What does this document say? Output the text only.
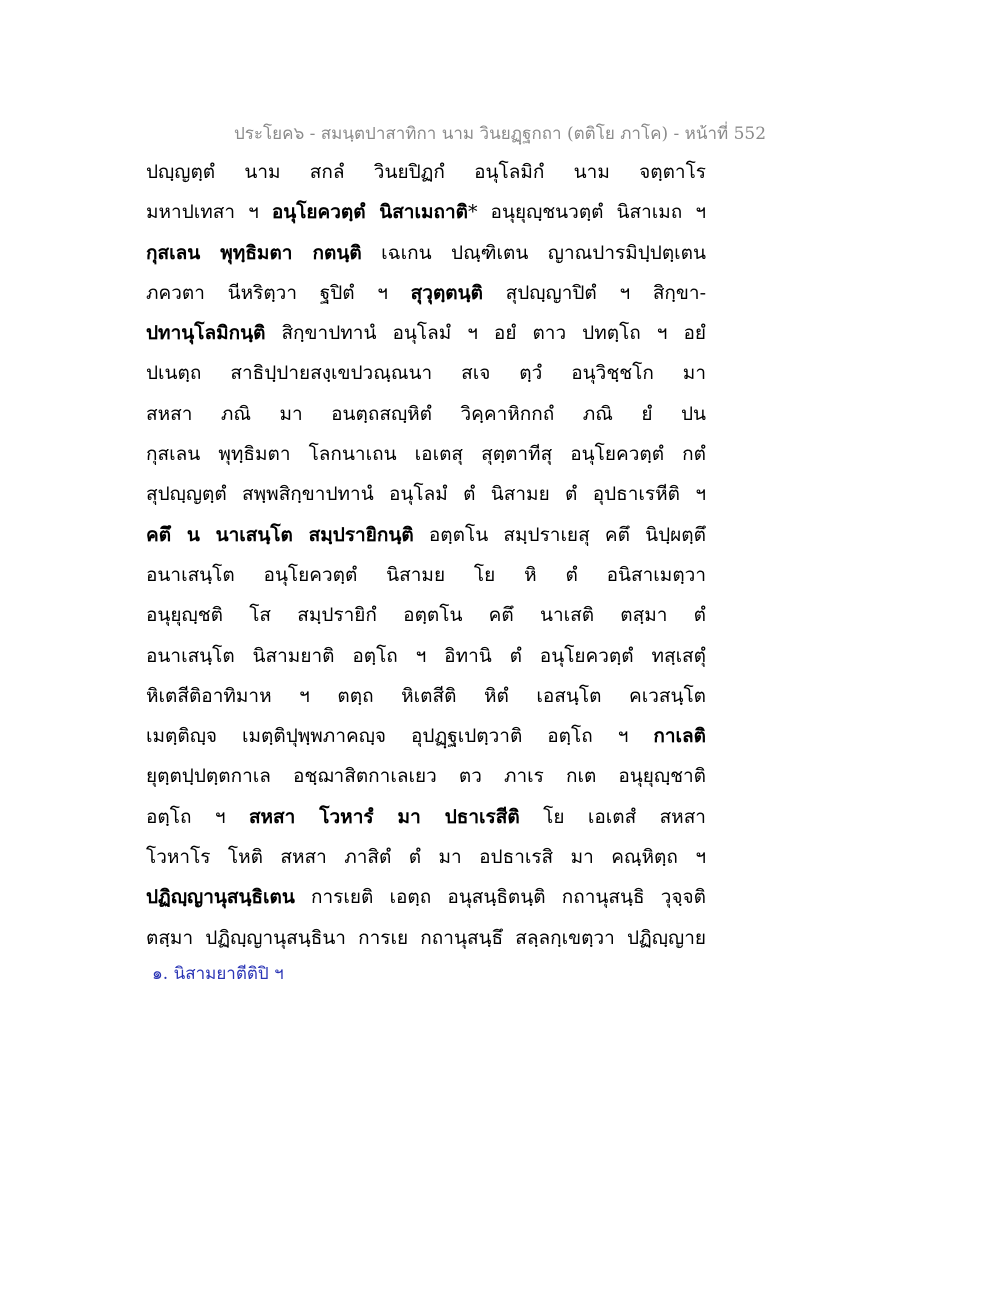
ประโยค๖ - สมนฺตปาสาทิกา นาม วินยฏฺฐกถา (ตติโย ภาโค) - หน้าที่ 552
ปญฺญตฺตํ นาม สกลํ วินยปิฏกํ อนุโลมิกํ นาม จตฺตาโร
มหาปเทสา ฯ อนุโยควตฺตํ นิสาเมถาติ* อนุยุญฺชนวตฺตํ นิสาเมถ ฯ
กุสเลน พุทฺธิมตา กตนฺติ เฉเกน ปณฺฑิเตน ญาณปารมิปฺปตฺเตน
ภควตา นีหริตฺวา ฐปิตํ ฯ สุวุตฺตนฺติ สุปญฺญาปิตํ ฯ สิกฺขา-
ปทานุโลมิกนฺติ สิกฺขาปทานํ อนุโลมํ ฯ อยํ ตาว ปทตฺโถ ฯ อยํ
ปเนตฺถ สาธิปฺปายสงฺเขปวณฺณนา สเจ ตฺวํ อนุวิชฺชโก มา
สหสา ภณิ มา อนตฺถสญฺหิตํ วิคฺคาหิกกถํ ภณิ ยํ ปน
กุสเลน พุทฺธิมตา โลกนาเถน เอเตสุ สุตฺตาทีสุ อนุโยควตฺตํ กตํ
สุปญฺญตฺตํ สพฺพสิกฺขาปทานํ อนุโลมํ ตํ นิสามย ตํ อุปธาเรหีติ ฯ
คตึ น นาเสนฺโต สมฺปรายิกนฺติ อตฺตโน สมฺปราเยสุ คตึ นิปฺผตฺตึ
อนาเสนฺโต อนุโยควตฺตํ นิสามย โย หิ ตํ อนิสาเมตฺวา
อนุยุญฺชติ โส สมฺปรายิกํ อตฺตโน คตึ นาเสติ ตสฺมา ตํ
อนาเสนฺโต นิสามยาติ อตฺโถ ฯ อิทานิ ตํ อนุโยควตฺตํ ทสฺเสตุํ
หิเตสีติอาทิมาห ฯ ตตฺถ หิเตสีติ หิตํ เอสนฺโต คเวสนฺโต
เมตฺติญฺจ เมตฺติปุพฺพภาคญฺจ อุปฏฺฐเปตฺวาติ อตฺโถ ฯ กาเลติ
ยุตฺตปฺปตฺตกาเล อชฺฌาสิตกาเลเยว ตว ภาเร กเต อนุยุญฺชาติ
อตฺโถ ฯ สหสา โวหารํ มา ปธาเรสีติ โย เอเตสํ สหสา
โวหาโร โหติ สหสา ภาสิตํ ตํ มา อปธาเรสิ มา คณฺหิตฺถ ฯ
ปฏิญฺญานุสนฺธิเตน การเยติ เอตฺถ อนุสนฺธิตนฺติ กถานุสนฺธิ วุจฺจติ
ตสฺมา ปฏิญฺญานุสนฺธินา การเย กถานุสนฺธึ สลฺลกฺเขตฺวา ปฏิญฺญาย
๑. นิสามยาตีติปิ ฯ
